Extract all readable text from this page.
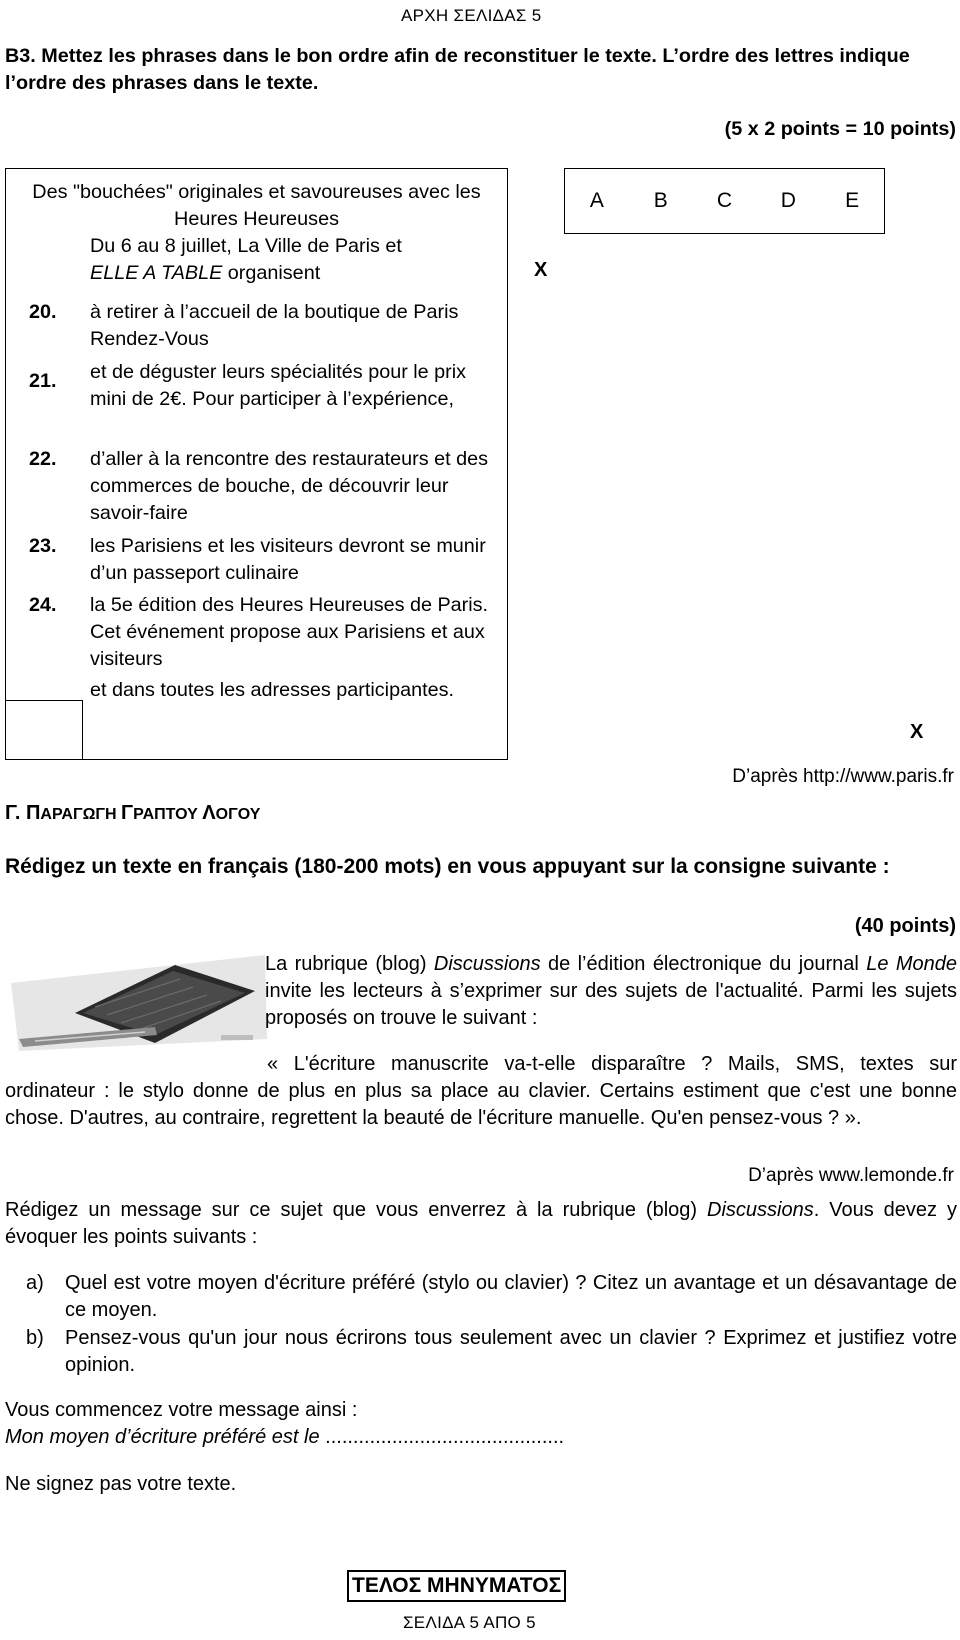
ΑΡΧΗ ΣΕΛΙΔΑΣ 5
B3. Mettez les phrases dans le bon ordre afin de reconstituer le texte. L’ordre des lettres indique l’ordre des phrases dans le texte.
(5 x 2 points = 10 points)
Des "bouchées" originales et savoureuses avec les Heures Heureuses
Du 6 au 8 juillet, La Ville de Paris et
ELLE A TABLE organisent
20. à retirer à l’accueil de la boutique de Paris Rendez-Vous
21. et de déguster leurs spécialités pour le prix mini de 2€. Pour participer à l’expérience,
22. d’aller à la rencontre des restaurateurs et des commerces de bouche, de découvrir leur savoir-faire
23. les Parisiens et les visiteurs devront se munir d’un passeport culinaire
24. la 5e édition des Heures Heureuses de Paris. Cet événement propose aux Parisiens et aux visiteurs
et dans toutes les adresses participantes.
X
A	B	C	D	E
X
D’après http://www.paris.fr
Γ. ΠΑΡΑΓΩΓΗ ΓΡΑΠΤΟΥ ΛΟΓΟΥ
Rédigez un texte en français (180-200 mots) en vous appuyant sur la consigne suivante :
(40 points)
La rubrique (blog) Discussions de l’édition électronique du journal Le Monde invite les lecteurs à s’exprimer sur des sujets de l'actualité. Parmi les sujets proposés on trouve le suivant :
« L'écriture manuscrite va-t-elle disparaître ? Mails, SMS, textes sur ordinateur : le stylo donne de plus en plus sa place au clavier. Certains estiment que c'est une bonne chose. D'autres, au contraire, regrettent la beauté de l'écriture manuelle. Qu'en pensez-vous ? ».
D’après www.lemonde.fr
Rédigez un message sur ce sujet que vous enverrez à la rubrique (blog) Discussions. Vous devez y évoquer les points suivants :
a) Quel est votre moyen d'écriture préféré (stylo ou clavier) ? Citez un avantage et un désavantage de ce moyen.
b) Pensez-vous qu'un jour nous écrirons tous seulement avec un clavier ? Exprimez et justifiez votre opinion.
Vous commencez votre message ainsi :
Mon moyen d’écriture préféré est le ...........................................
Ne signez pas votre texte.
ΤΕΛΟΣ ΜΗΝΥΜΑΤΟΣ
ΣΕΛΙΔΑ 5 ΑΠΟ 5
